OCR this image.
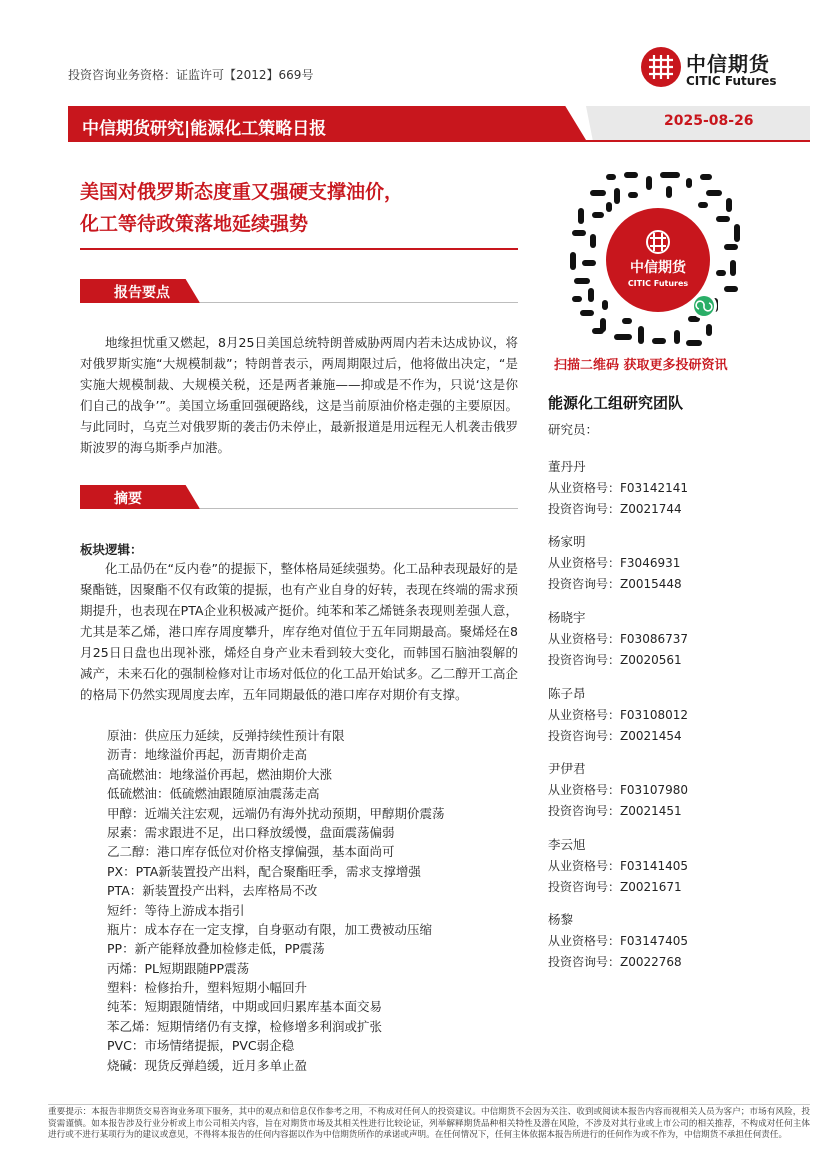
投资咨询业务资格：证监许可【2012】669号	中信期货
CITIC Futures
中信期货研究|能源化工策略日报	2025-08-26
美国对俄罗斯态度重又强硬支撑油价，
化工等待政策落地延续强势
报告要点
地缘担忧重又燃起，8月25日美国总统特朗普威胁两周内若未达成协议，将对俄罗斯实施“大规模制裁”；特朗普表示，两周期限过后，他将做出决定，“是实施大规模制裁、大规模关税，还是两者兼施——抑或是不作为，只说‘这是你们自己的战争’”。美国立场重回强硬路线，这是当前原油价格走强的主要原因。与此同时，乌克兰对俄罗斯的袭击仍未停止，最新报道是用远程无人机袭击俄罗斯波罗的海乌斯季卢加港。
摘要
板块逻辑：
化工品仍在“反内卷”的提振下，整体格局延续强势。化工品种表现最好的是聚酯链，因聚酯不仅有政策的提振，也有产业自身的好转，表现在终端的需求预期提升，也表现在PTA企业积极减产挺价。纯苯和苯乙烯链条表现则差强人意，尤其是苯乙烯，港口库存周度攀升，库存绝对值位于五年同期最高。聚烯烃在8月25日日盘也出现补涨，烯烃自身产业未看到较大变化，而韩国石脑油裂解的减产，未来石化的强制检修对让市场对低位的化工品开始试多。乙二醇开工高企的格局下仍然实现周度去库，五年同期最低的港口库存对期价有支撑。
原油：供应压力延续，反弹持续性预计有限
沥青：地缘溢价再起，沥青期价走高
高硫燃油：地缘溢价再起，燃油期价大涨
低硫燃油：低硫燃油跟随原油震荡走高
甲醇：近端关注宏观，远端仍有海外扰动预期，甲醇期价震荡
尿素：需求跟进不足，出口释放缓慢，盘面震荡偏弱
乙二醇：港口库存低位对价格支撑偏强，基本面尚可
PX：PTA新装置投产出料，配合聚酯旺季，需求支撑增强
PTA：新装置投产出料，去库格局不改
短纤：等待上游成本指引
瓶片：成本存在一定支撑，自身驱动有限，加工费被动压缩
PP：新产能释放叠加检修走低，PP震荡
丙烯：PL短期跟随PP震荡
塑料：检修抬升，塑料短期小幅回升
纯苯：短期跟随情绪，中期或回归累库基本面交易
苯乙烯：短期情绪仍有支撑，检修增多利润或扩张
PVC：市场情绪提振，PVC弱企稳
烧碱：现货反弹趋缓，近月多单止盈
中信期货
CITIC Futures
扫描二维码 获取更多投研资讯
能源化工组研究团队
研究员：
董丹丹
从业资格号：F03142141
投资咨询号：Z0021744
杨家明
从业资格号：F3046931
投资咨询号：Z0015448
杨晓宇
从业资格号：F03086737
投资咨询号：Z0020561
陈子昂
从业资格号：F03108012
投资咨询号：Z0021454
尹伊君
从业资格号：F03107980
投资咨询号：Z0021451
李云旭
从业资格号：F03141405
投资咨询号：Z0021671
杨黎
从业资格号：F03147405
投资咨询号：Z0022768
重要提示：本报告非期货交易咨询业务项下服务，其中的观点和信息仅作参考之用，不构成对任何人的投资建议。中信期货不会因为关注、收到或阅读本报告内容而视相关人员为客户；市场有风险，投资需谨慎。如本报告涉及行业分析或上市公司相关内容，旨在对期货市场及其相关性进行比较论证，列举解释期货品种相关特性及潜在风险，不涉及对其行业或上市公司的相关推荐，不构成对任何主体进行或不进行某项行为的建议或意见，不得将本报告的任何内容据以作为中信期货所作的承诺或声明。在任何情况下，任何主体依据本报告所进行的任何作为或不作为，中信期货不承担任何责任。
